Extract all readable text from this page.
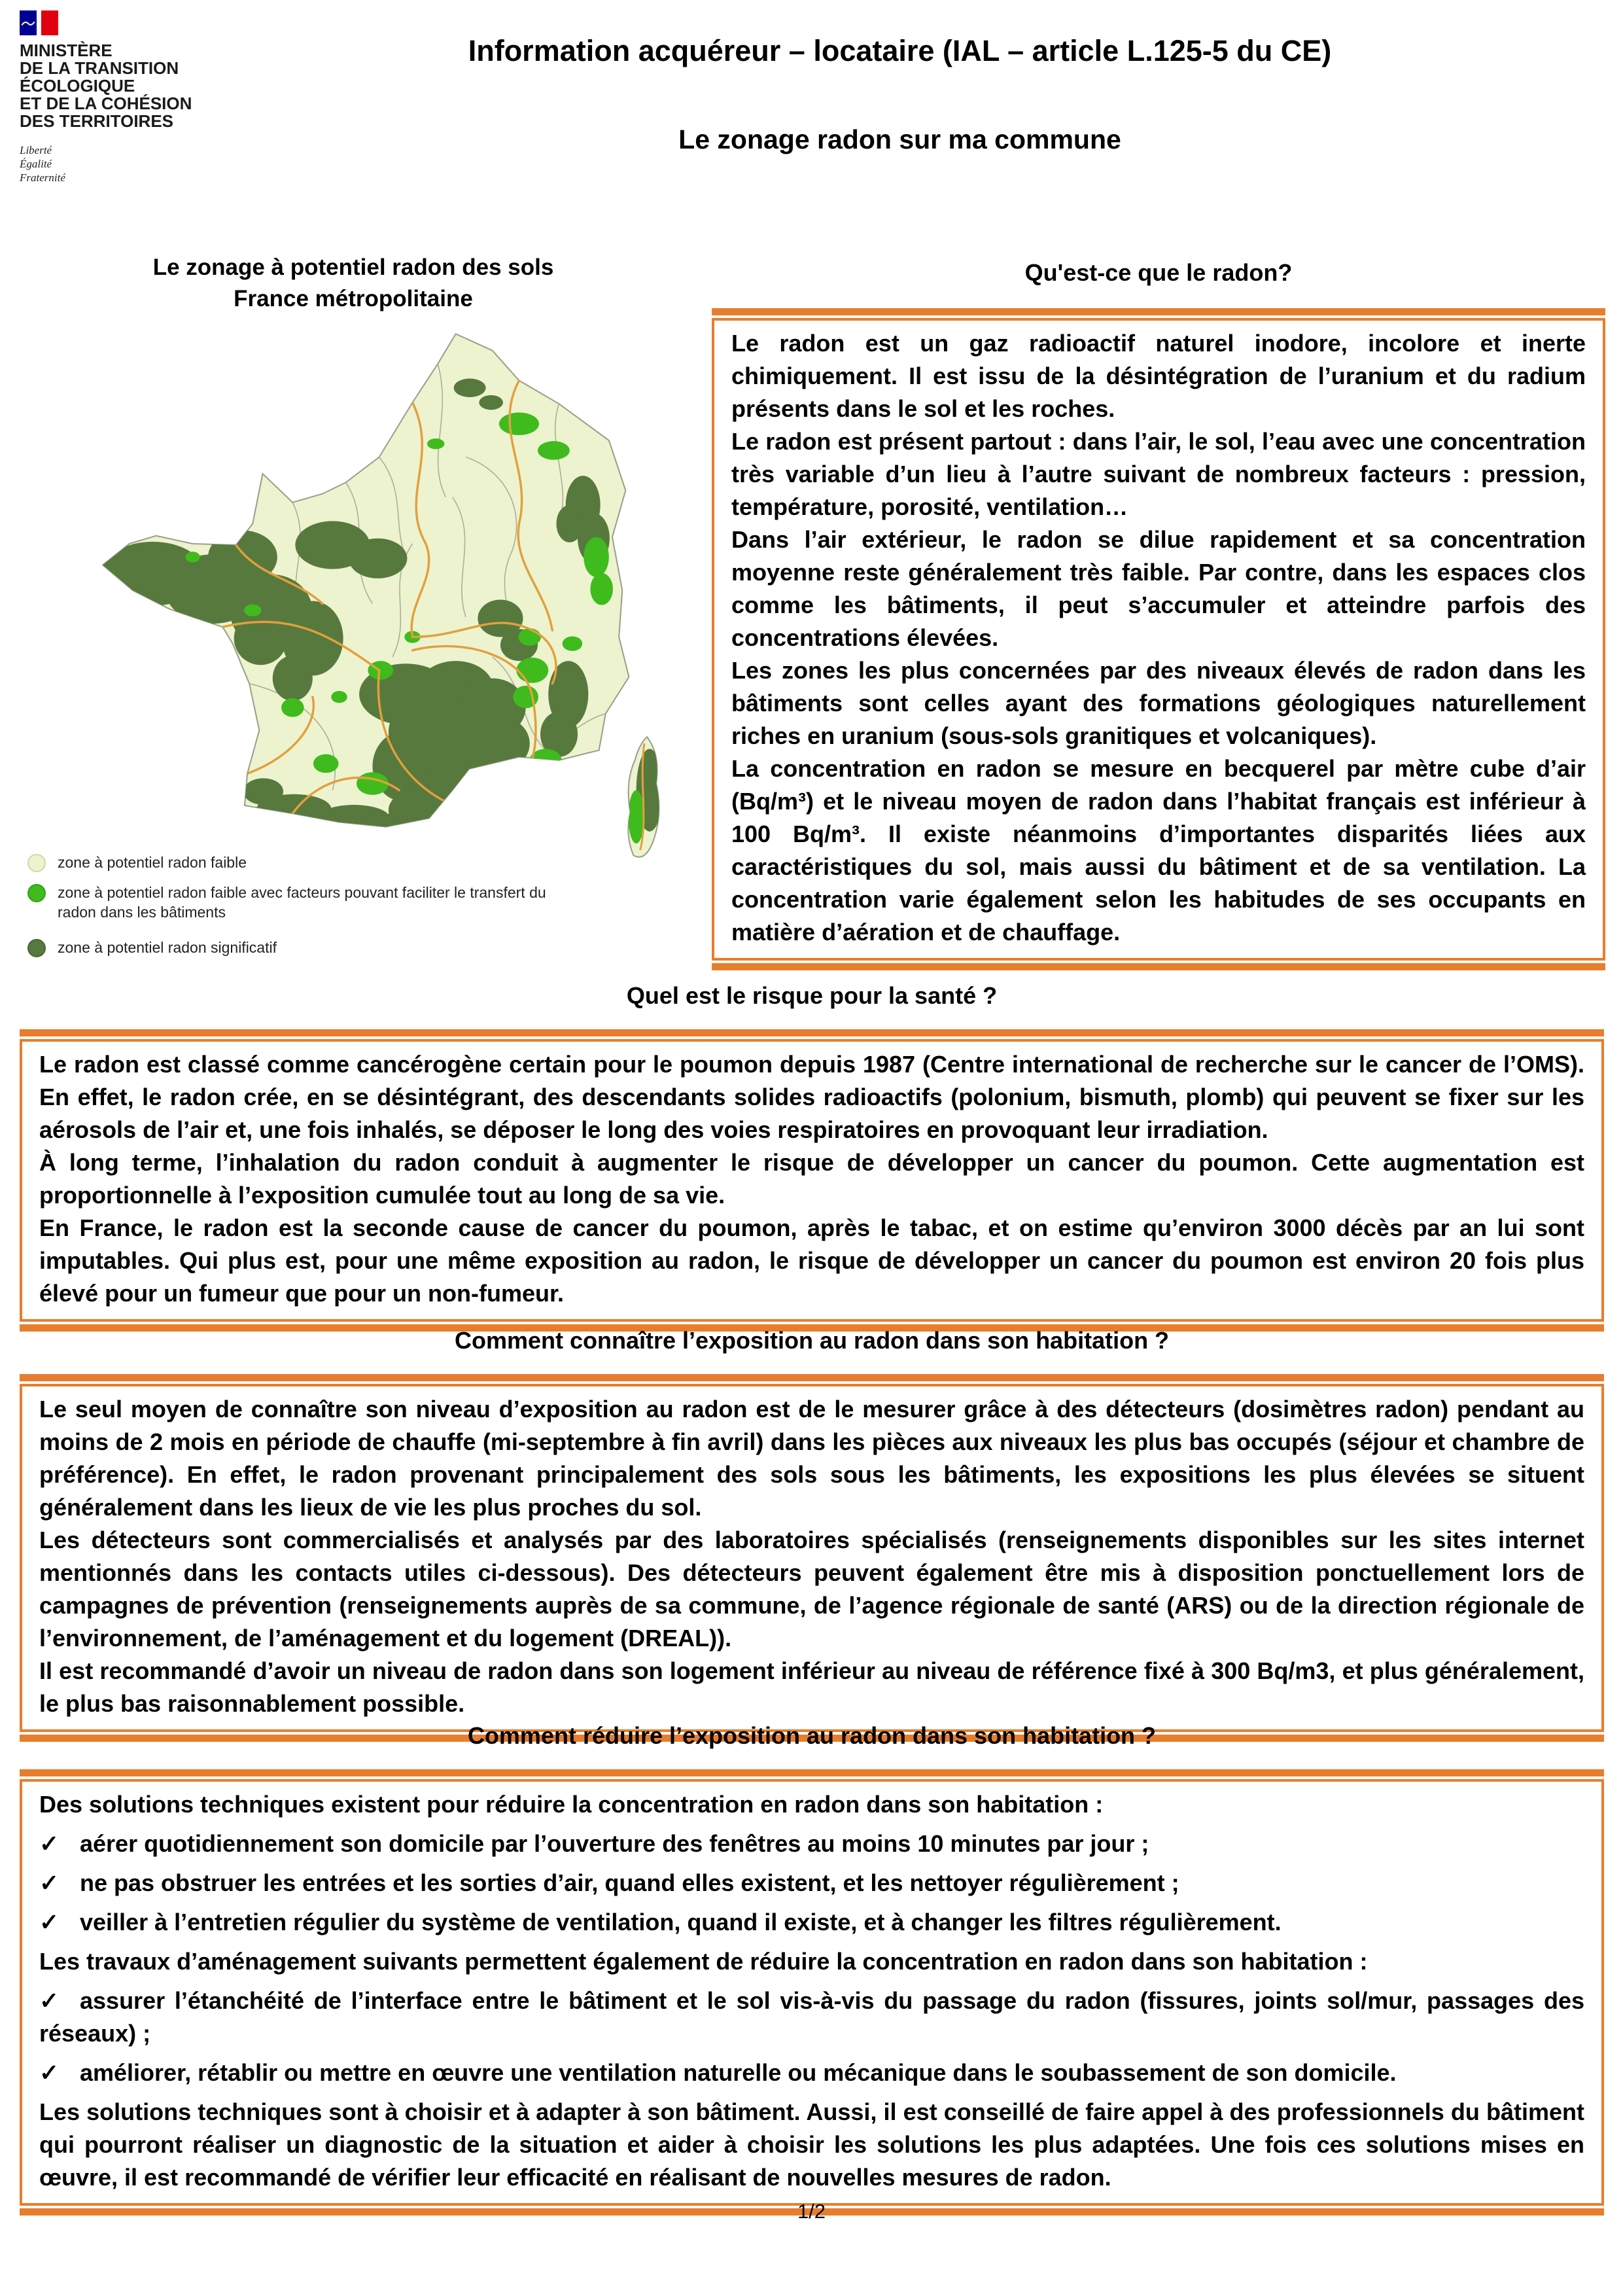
MINISTÈRE
DE LA TRANSITION
ÉCOLOGIQUE
ET DE LA COHÉSION
DES TERRITOIRES
Liberté
Égalité
Fraternité
Information acquéreur – locataire (IAL – article L.125-5 du CE)
Le zonage radon sur ma commune
Le zonage à potentiel radon des sols
France métropolitaine
zone à potentiel radon faible
zone à potentiel radon faible avec facteurs pouvant faciliter le transfert du radon dans les bâtiments
zone à potentiel radon significatif
Qu'est-ce que le radon?

Le radon est un gaz radioactif naturel inodore, incolore et inerte chimiquement. Il est issu de la désintégration de l’uranium et du radium présents dans le sol et les roches.

Le radon est présent partout : dans l’air, le sol, l’eau avec une concentration très variable d’un lieu à l’autre suivant de nombreux facteurs : pression, température, porosité, ventilation…

Dans l’air extérieur, le radon se dilue rapidement et sa concentration moyenne reste généralement très faible. Par contre, dans les espaces clos comme les bâtiments, il peut s’accumuler et atteindre parfois des concentrations élevées.

Les zones les plus concernées par des niveaux élevés de radon dans les bâtiments sont celles ayant des formations géologiques naturellement riches en uranium (sous-sols granitiques et volcaniques).

La concentration en radon se mesure en becquerel par mètre cube d’air (Bq/m³) et le niveau moyen de radon dans l’habitat français est inférieur à 100 Bq/m³. Il existe néanmoins d’importantes disparités liées aux caractéristiques du sol, mais aussi du bâtiment et de sa ventilation. La concentration varie également selon les habitudes de ses occupants en matière d’aération et de chauffage.

Quel est le risque pour la santé ?

Le radon est classé comme cancérogène certain pour le poumon depuis 1987 (Centre international de recherche sur le cancer de l’OMS). En effet, le radon crée, en se désintégrant, des descendants solides radioactifs (polonium, bismuth, plomb) qui peuvent se fixer sur les aérosols de l’air et, une fois inhalés, se déposer le long des voies respiratoires en provoquant leur irradiation.

À long terme, l’inhalation du radon conduit à augmenter le risque de développer un cancer du poumon. Cette augmentation est proportionnelle à l’exposition cumulée tout au long de sa vie.

En France, le radon est la seconde cause de cancer du poumon, après le tabac, et on estime qu’environ 3000 décès par an lui sont imputables. Qui plus est, pour une même exposition au radon, le risque de développer un cancer du poumon est environ 20 fois plus élevé pour un fumeur que pour un non-fumeur.

Comment connaître l’exposition au radon dans son habitation ?

Le seul moyen de connaître son niveau d’exposition au radon est de le mesurer grâce à des détecteurs (dosimètres radon) pendant au moins de 2 mois en période de chauffe (mi-septembre à fin avril) dans les pièces aux niveaux les plus bas occupés (séjour et chambre de préférence). En effet, le radon provenant principalement des sols sous les bâtiments, les expositions les plus élevées se situent généralement dans les lieux de vie les plus proches du sol.

Les détecteurs sont commercialisés et analysés par des laboratoires spécialisés (renseignements disponibles sur les sites internet mentionnés dans les contacts utiles ci-dessous). Des détecteurs peuvent également être mis à disposition ponctuellement lors de campagnes de prévention (renseignements auprès de sa commune, de l’agence régionale de santé (ARS) ou de la direction régionale de l’environnement, de l’aménagement et du logement (DREAL)).

Il est recommandé d’avoir un niveau de radon dans son logement inférieur au niveau de référence fixé à 300 Bq/m3, et plus généralement, le plus bas raisonnablement possible.

Comment réduire l’exposition au radon dans son habitation ?

Des solutions techniques existent pour réduire la concentration en radon dans son habitation :

✓ aérer quotidiennement son domicile par l’ouverture des fenêtres au moins 10 minutes par jour ;

✓ ne pas obstruer les entrées et les sorties d’air, quand elles existent, et les nettoyer régulièrement ;

✓ veiller à l’entretien régulier du système de ventilation, quand il existe, et à changer les filtres régulièrement.

Les travaux d’aménagement suivants permettent également de réduire la concentration en radon dans son habitation :

✓ assurer l’étanchéité de l’interface entre le bâtiment et le sol vis-à-vis du passage du radon (fissures, joints sol/mur, passages des réseaux) ;

✓ améliorer, rétablir ou mettre en œuvre une ventilation naturelle ou mécanique dans le soubassement de son domicile.

Les solutions techniques sont à choisir et à adapter à son bâtiment. Aussi, il est conseillé de faire appel à des professionnels du bâtiment qui pourront réaliser un diagnostic de la situation et aider à choisir les solutions les plus adaptées. Une fois ces solutions mises en œuvre, il est recommandé de vérifier leur efficacité en réalisant de nouvelles mesures de radon.

1/2
